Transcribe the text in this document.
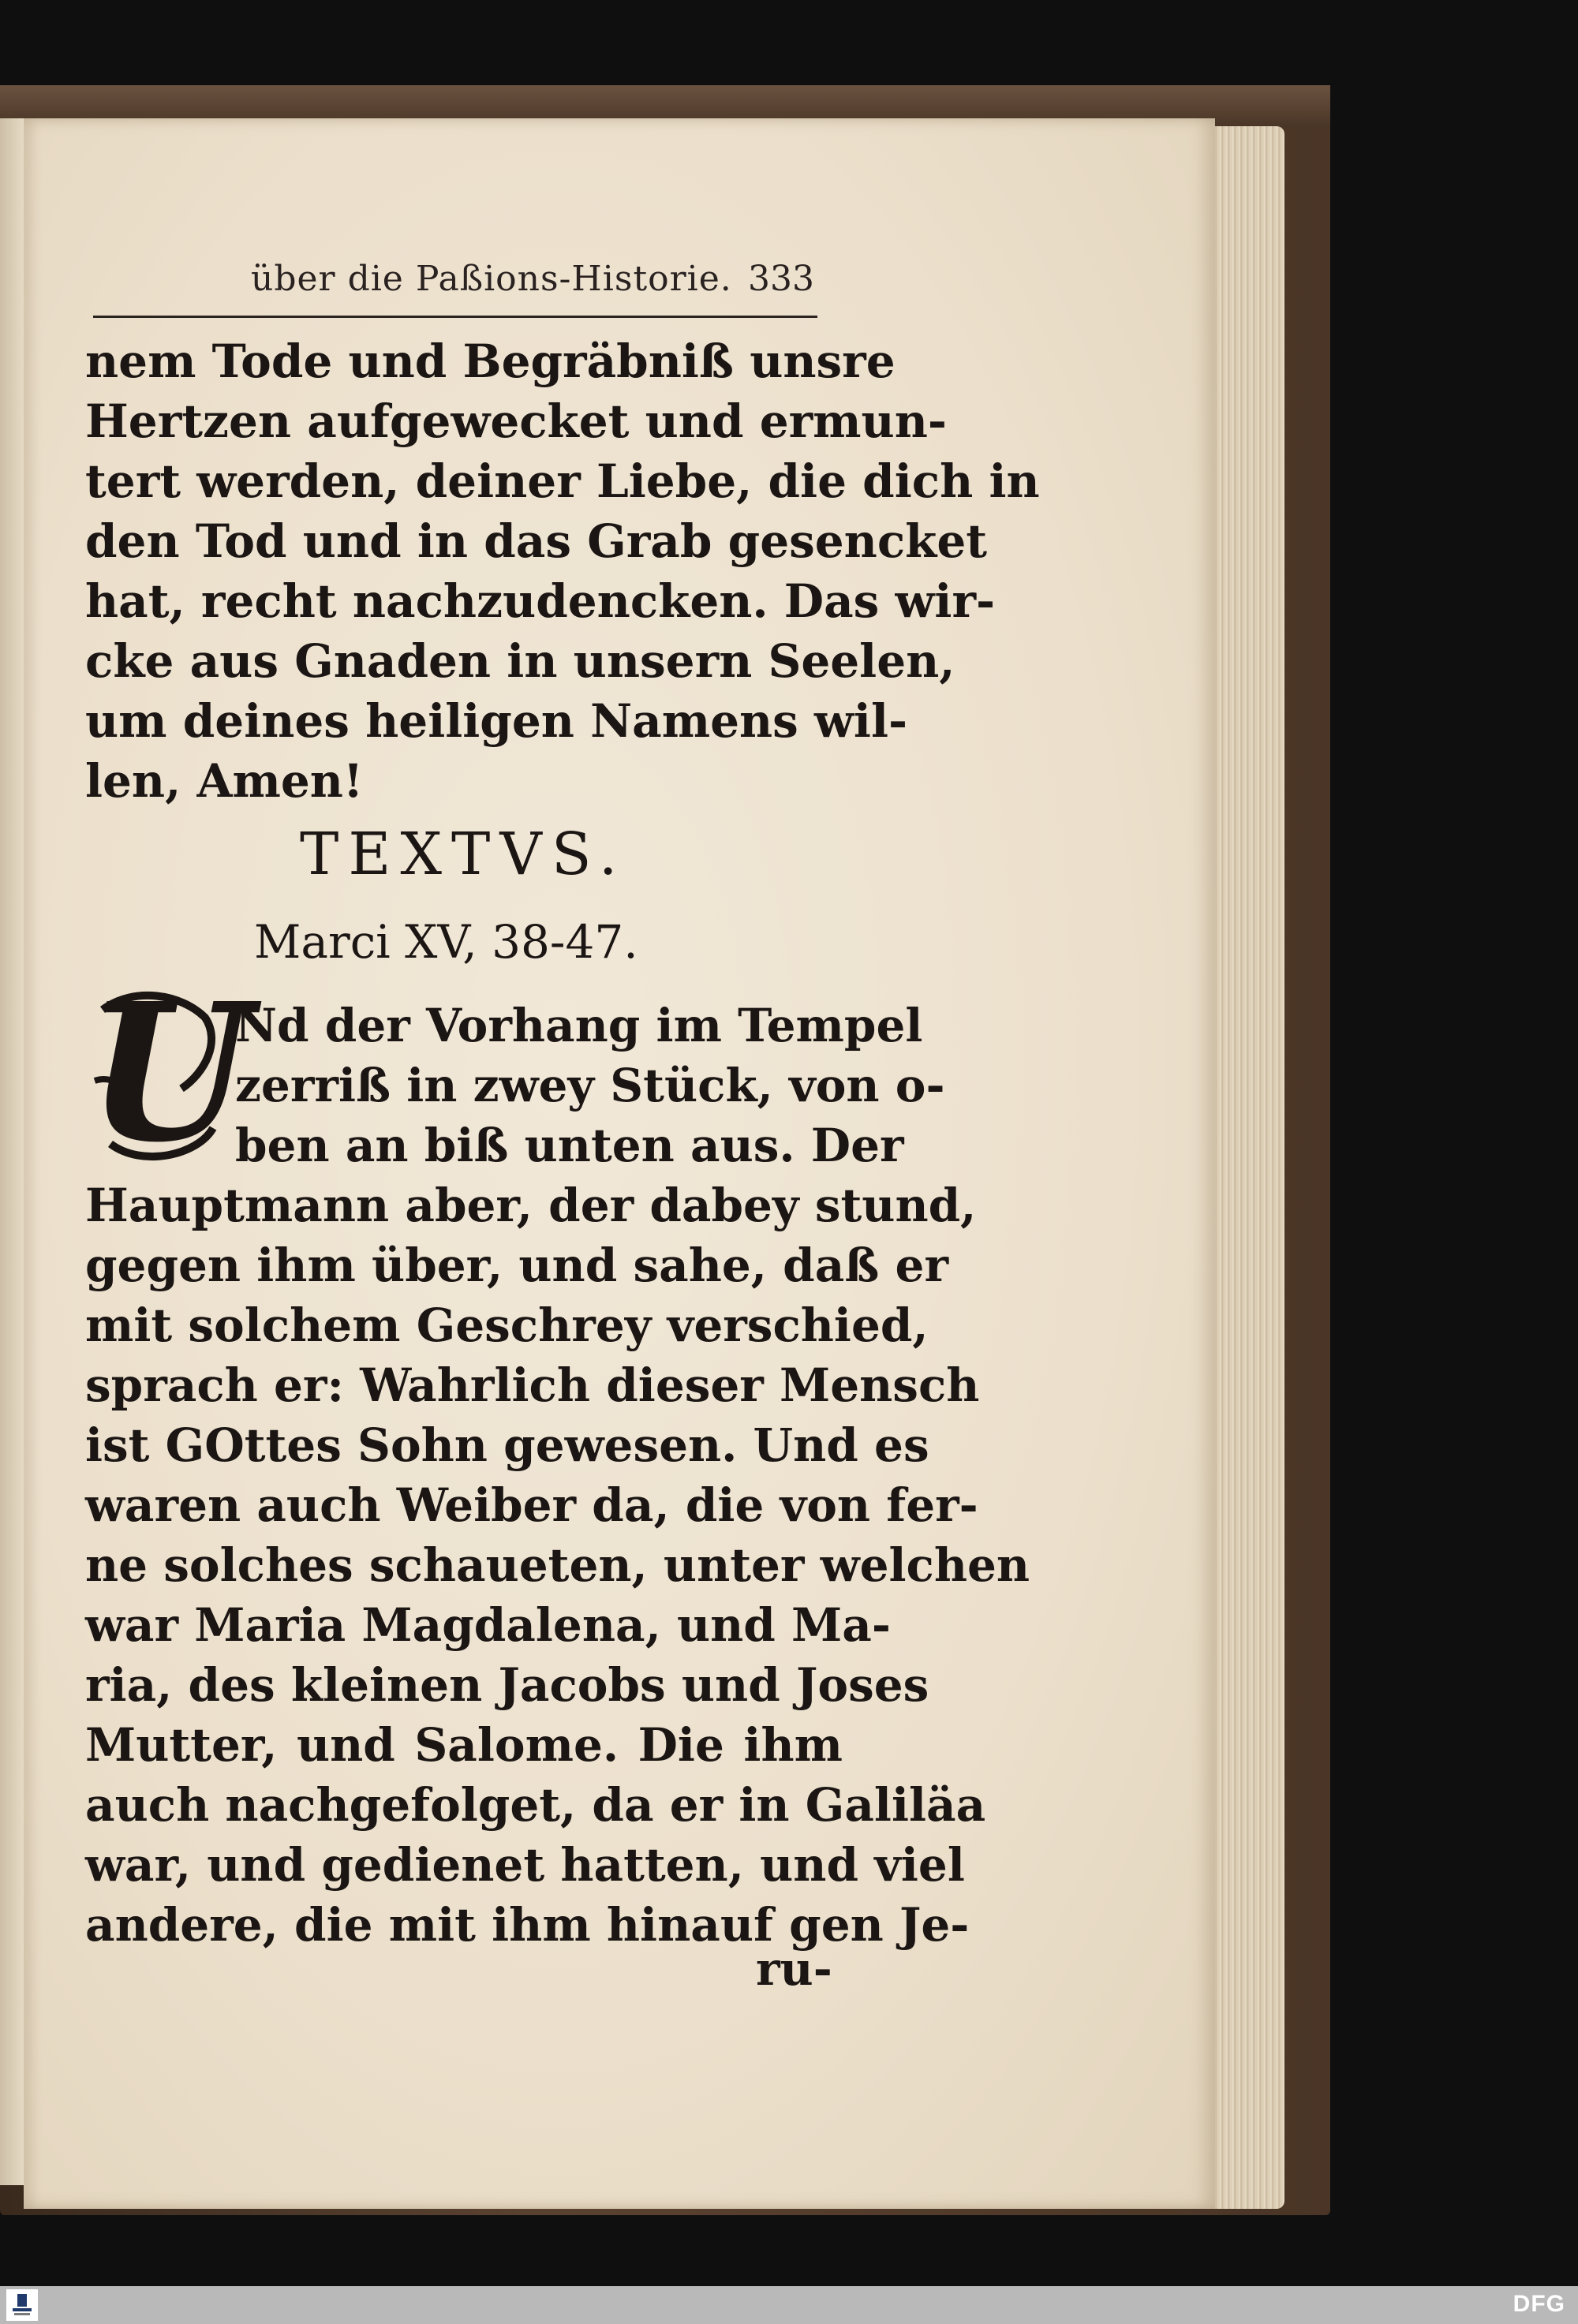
über die Paßions-Historie. 333
nem Tode und Begräbniß unsre
Hertzen aufgewecket und ermun-
tert werden, deiner Liebe, die dich in
den Tod und in das Grab gesencket
hat, recht nachzudencken. Das wir-
cke aus Gnaden in unsern Seelen,
um deines heiligen Namens wil-
len, Amen!
TEXTVS.
Marci XV, 38-47.
U
Nd der Vorhang im Tempel
zerriß in zwey Stück, von o-
ben an biß unten aus. Der
Hauptmann aber, der dabey stund,
gegen ihm über, und sahe, daß er
mit solchem Geschrey verschied,
sprach er: Wahrlich dieser Mensch
ist GOttes Sohn gewesen. Und es
waren auch Weiber da, die von fer-
ne solches schaueten, unter welchen
war Maria Magdalena, und Ma-
ria, des kleinen Jacobs und Joses
Mutter, und Salome. Die ihm
auch nachgefolget, da er in Galiläa
war, und gedienet hatten, und viel
andere, die mit ihm hinauf gen Je-
ru-
DFG
